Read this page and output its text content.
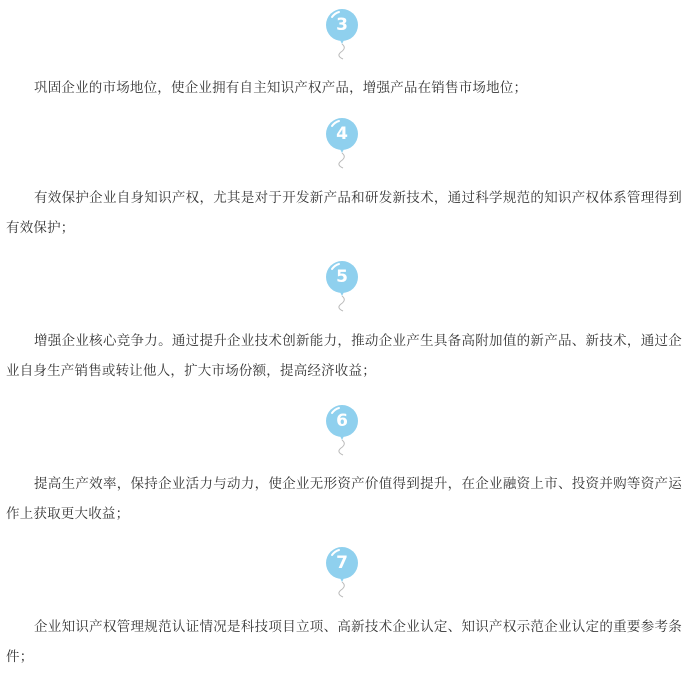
3

巩固企业的市场地位，使企业拥有自主知识产权产品，增强产品在销售市场地位；

4

有效保护企业自身知识产权，尤其是对于开发新产品和研发新技术，通过科学规范的知识产权体系管理得到有效保护；

5

增强企业核心竞争力。通过提升企业技术创新能力，推动企业产生具备高附加值的新产品、新技术，通过企业自身生产销售或转让他人，扩大市场份额，提高经济收益；

6

提高生产效率，保持企业活力与动力，使企业无形资产价值得到提升，在企业融资上市、投资并购等资产运作上获取更大收益；

7

企业知识产权管理规范认证情况是科技项目立项、高新技术企业认定、知识产权示范企业认定的重要参考条件；
